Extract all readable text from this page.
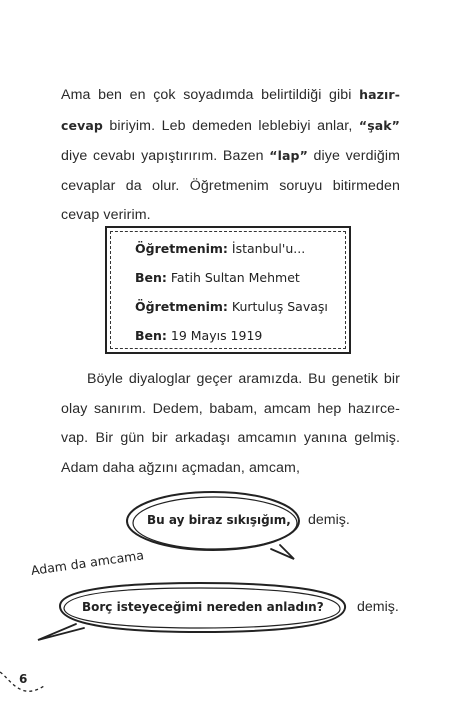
Ama ben en çok soyadımda belirtildiği gibi hazır-cevap biriyim. Leb demeden leblebiyi anlar, “şak” diye cevabı yapıştırırım. Bazen “lap” diye verdiğim cevaplar da olur. Öğretmenim soruyu bitirmeden cevap veririm.

Öğretmenim: İstanbul'u...
Ben: Fatih Sultan Mehmet
Öğretmenim: Kurtuluş Savaşı
Ben: 19 Mayıs 1919

Böyle diyaloglar geçer aramızda. Bu genetik bir olay sanırım. Dedem, babam, amcam hep hazırce-vap. Bir gün bir arkadaşı amcamın yanına gelmiş. Adam daha ağzını açmadan, amcam,

Bu ay biraz sıkışığım, demiş.
Adam da amcama
Borç isteyeceğimi nereden anladın? demiş.
6
